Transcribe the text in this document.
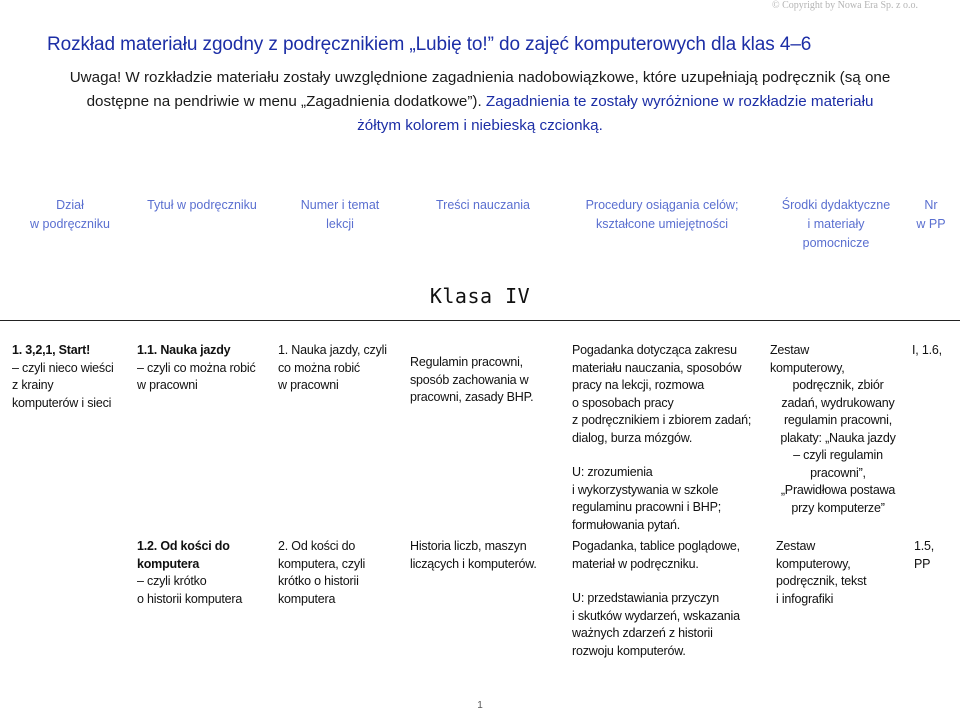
© Copyright by Nowa Era Sp. z o.o.
Rozkład materiału zgodny z podręcznikiem „Lubię to!” do zajęć komputerowych dla klas 4–6
Uwaga! W rozkładzie materiału zostały uwzględnione zagadnienia nadobowiązkowe, które uzupełniają podręcznik (są one
dostępne na pendriwie w menu „Zagadnienia dodatkowe”). Zagadnienia te zostały wyróżnione w rozkładzie materiału
żółtym kolorem i niebieską czcionką.
Dział
w podręczniku
Tytuł w podręczniku	Numer i temat
lekcji
Treści nauczania	Procedury osiągania celów;
kształcone umiejętności
Środki dydaktyczne
i materiały
pomocnicze
Nr
w PP
Klasa IV
1. 3,2,1, Start!
– czyli nieco wieści
z krainy
komputerów i sieci
1.1. Nauka jazdy
– czyli co można robić
w pracowni
1. Nauka jazdy, czyli
co można robić
w pracowni
Regulamin pracowni,
sposób zachowania w
pracowni, zasady BHP.
Pogadanka dotycząca zakresu
materiału nauczania, sposobów
pracy na lekcji, rozmowa
o sposobach pracy
z podręcznikiem i zbiorem zadań;
dialog, burza mózgów.
U: zrozumienia
i wykorzystywania w szkole
regulaminu pracowni i BHP;
formułowania pytań.
Zestaw
komputerowy,
podręcznik, zbiór
zadań, wydrukowany
regulamin pracowni,
plakaty: „Nauka jazdy
– czyli regulamin
pracowni”,
„Prawidłowa postawa
przy komputerze”
I, 1.6,
1.2. Od kości do
komputera
– czyli krótko
o historii komputera
2. Od kości do
komputera, czyli
krótko o historii
komputera
Historia liczb, maszyn
liczących i komputerów.
Pogadanka, tablice poglądowe,
materiał w podręczniku.
U: przedstawiania przyczyn
i skutków wydarzeń, wskazania
ważnych zdarzeń z historii
rozwoju komputerów.
Zestaw
komputerowy,
podręcznik, tekst
i infografiki
1.5,
PP
1
